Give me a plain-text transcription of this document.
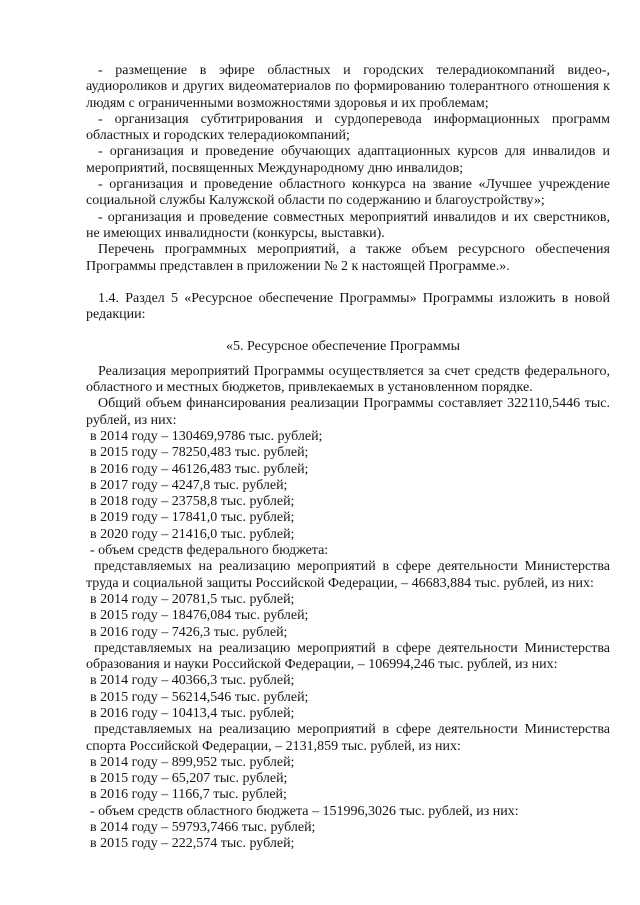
- размещение в эфире областных и городских телерадиокомпаний видео-, аудиороликов и других видеоматериалов по формированию толерантного отношения к людям с ограниченными возможностями здоровья и их проблемам;

- организация субтитрирования и сурдоперевода информационных программ областных и городских телерадиокомпаний;

- организация и проведение обучающих адаптационных курсов для инвалидов и мероприятий, посвященных Международному дню инвалидов;

- организация и проведение областного конкурса на звание «Лучшее учреждение социальной службы Калужской области по содержанию и благоустройству»;

- организация и проведение совместных мероприятий инвалидов и их сверстников, не имеющих инвалидности (конкурсы, выставки).

Перечень программных мероприятий, а также объем ресурсного обеспечения Программы представлен в приложении № 2 к настоящей Программе.».

1.4. Раздел 5 «Ресурсное обеспечение Программы» Программы изложить в новой редакции:

«5. Ресурсное обеспечение Программы

Реализация мероприятий Программы осуществляется за счет средств федерального, областного и местных бюджетов, привлекаемых в установленном порядке.

Общий объем финансирования реализации Программы составляет 322110,5446 тыс. рублей, из них:

в 2014 году – 130469,9786 тыс. рублей;

в 2015 году – 78250,483 тыс. рублей;

в 2016 году – 46126,483 тыс. рублей;

в 2017 году – 4247,8 тыс. рублей;

в 2018 году – 23758,8 тыс. рублей;

в 2019 году – 17841,0 тыс. рублей;

в 2020 году – 21416,0 тыс. рублей;

- объем средств федерального бюджета:

представляемых на реализацию мероприятий в сфере деятельности Министерства труда и социальной защиты Российской Федерации, – 46683,884 тыс. рублей, из них:

в 2014 году – 20781,5 тыс. рублей;

в 2015 году – 18476,084 тыс. рублей;

в 2016 году – 7426,3 тыс. рублей;

представляемых на реализацию мероприятий в сфере деятельности Министерства образования и науки Российской Федерации, – 106994,246 тыс. рублей, из них:

в 2014 году – 40366,3 тыс. рублей;

в 2015 году – 56214,546 тыс. рублей;

в 2016 году – 10413,4 тыс. рублей;

представляемых на реализацию мероприятий в сфере деятельности Министерства спорта Российской Федерации, – 2131,859 тыс. рублей, из них:

в 2014 году – 899,952 тыс. рублей;

в 2015 году – 65,207 тыс. рублей;

в 2016 году – 1166,7 тыс. рублей;

- объем средств областного бюджета – 151996,3026 тыс. рублей, из них:

в 2014 году – 59793,7466 тыс. рублей;

в 2015 году – 222,574 тыс. рублей;
